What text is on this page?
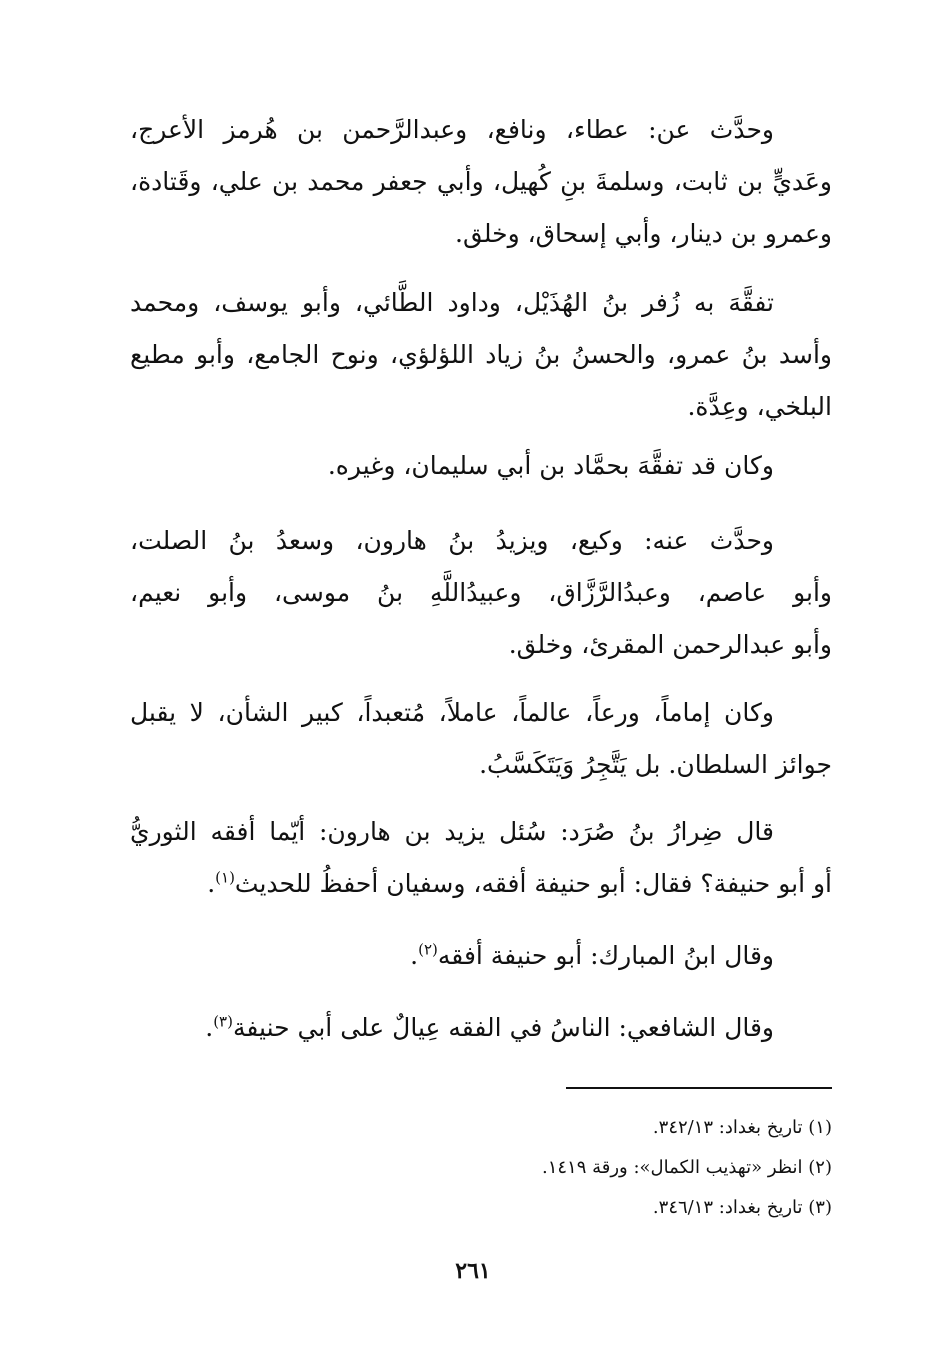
وحدَّث عن: عطاء، ونافع، وعبدالرَّحمن بن هُرمز الأعرج،
وعَديٍّ بن ثابت، وسلمةَ بنِ كُهيل، وأبي جعفر محمد بن علي، وقَتادة،
وعمرو بن دينار، وأبي إسحاق، وخلق.
تفقَّهَ به زُفر بنُ الهُذَيْل، وداود الطَّائي، وأبو يوسف، ومحمد
وأسد بنُ عمرو، والحسنُ بنُ زياد اللؤلؤي، ونوح الجامع، وأبو مطيع
البلخي، وعِدَّة.
وكان قد تفقَّهَ بحمَّاد بن أبي سليمان، وغيره.
وحدَّث عنه: وكيع، ويزيدُ بنُ هارون، وسعدُ بنُ الصلت،
وأبو عاصم، وعبدُالرَّزَّاق، وعبيدُاللَّهِ بنُ موسى، وأبو نعيم،
وأبو عبدالرحمن المقرئ، وخلق.
وكان إماماً، ورعاً، عالماً، عاملاً، مُتعبداً، كبير الشأن، لا يقبل
جوائز السلطان. بل يَتَّجِرُ وَيَتَكَسَّبُ.
قال ضِرارُ بنُ صُرَد: سُئل يزيد بن هارون: أيّما أفقه الثوريُّ
أو أبو حنيفة؟ فقال: أبو حنيفة أفقه، وسفيان أحفظُ للحديث$^{(١)}$.
وقال ابنُ المبارك: أبو حنيفة أفقه$^{(٢)}$.
وقال الشافعي: الناسُ في الفقه عِيالٌ على أبي حنيفة$^{(٣)}$.
(١) تاريخ بغداد: ٣٤٢/١٣.
(٢) انظر «تهذيب الكمال»: ورقة ١٤١٩.
(٣) تاريخ بغداد: ٣٤٦/١٣.
٢٦١
